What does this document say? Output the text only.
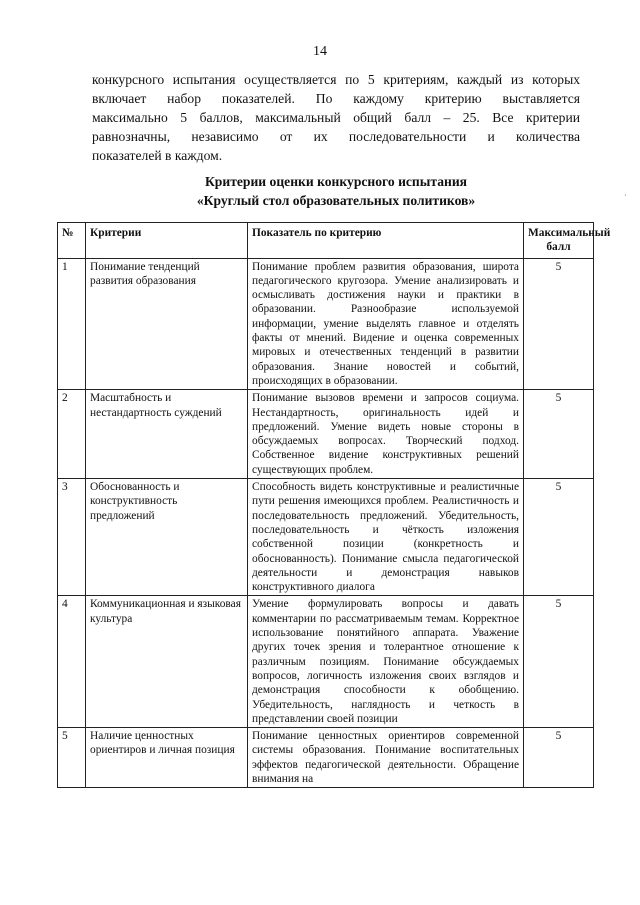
14

конкурсного испытания осуществляется по 5 критериям, каждый из которых
включает набор показателей. По каждому критерию выставляется
максимально 5 баллов, максимальный общий балл – 25. Все критерии
равнозначны, независимо от их последовательности и количества
показателей в каждом.

Критерии оценки конкурсного испытания
«Круглый стол образовательных политиков»	·
№	Критерии	Показатель по критерию	Максимальный балл
1	Понимание тенденций развития образования	Понимание проблем развития образования, широта педагогического кругозора. Умение анализировать и осмысливать достижения науки и практики в образовании. Разнообразие используемой информации, умение выделять главное и отделять факты от мнений. Видение и оценка современных мировых и отечественных тенденций в развитии образования. Знание новостей и событий, происходящих в образовании.	5
2	Масштабность и нестандартность суждений	Понимание вызовов времени и запросов социума. Нестандартность, оригинальность идей и предложений. Умение видеть новые стороны в обсуждаемых вопросах. Творческий подход. Собственное видение конструктивных решений существующих проблем.	5
3	Обоснованность и конструктивность предложений	Способность видеть конструктивные и реалистичные пути решения имеющихся проблем. Реалистичность и последовательность предложений. Убедительность, последовательность и чёткость изложения собственной позиции (конкретность и обоснованность). Понимание смысла педагогической деятельности и демонстрация навыков конструктивного диалога	5
4	Коммуникационная и языковая культура	Умение формулировать вопросы и давать комментарии по рассматриваемым темам. Корректное использование понятийного аппарата. Уважение других точек зрения и толерантное отношение к различным позициям. Понимание обсуждаемых вопросов, логичность изложения своих взглядов и демонстрация способности к обобщению. Убедительность, наглядность и четкость в представлении своей позиции	5
5	Наличие ценностных ориентиров и личная позиция	Понимание ценностных ориентиров современной системы образования. Понимание воспитательных эффектов педагогической деятельности. Обращение внимания на	5
